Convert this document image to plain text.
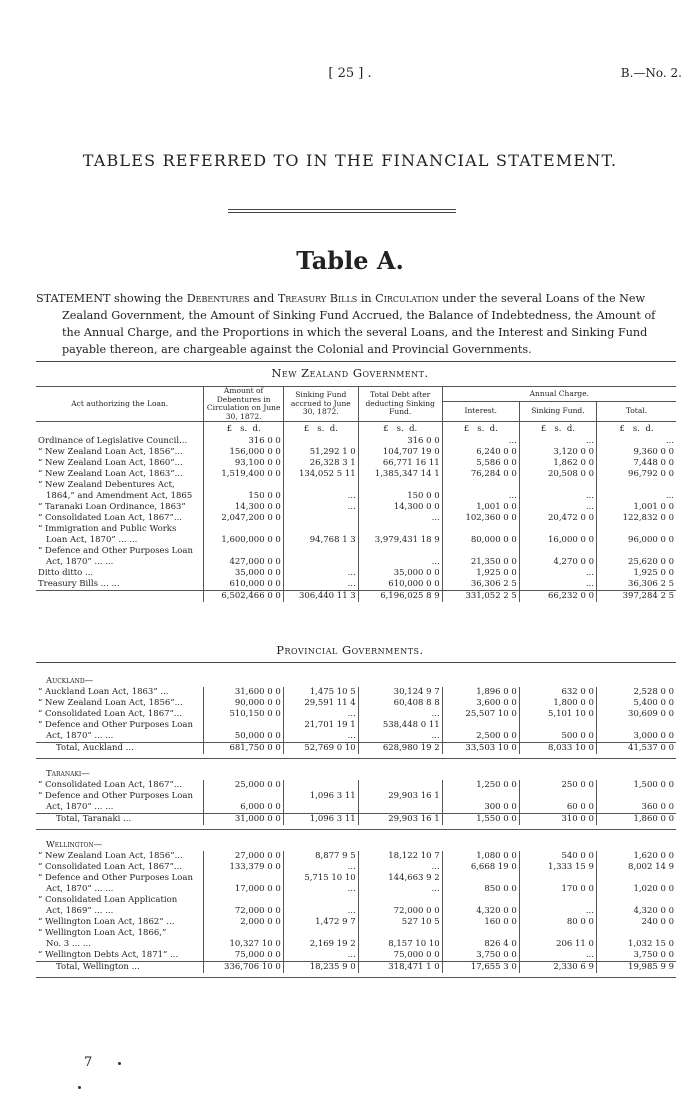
[ 25 ] .	B.—No. 2.
TABLES REFERRED TO IN THE FINANCIAL STATEMENT.
Table A.

STATEMENT showing the Debentures and Treasury Bills in Circulation under the several Loans of the New Zealand Government, the Amount of Sinking Fund Accrued, the Balance of Indebtedness, the Amount of the Annual Charge, and the Proportions in which the several Loans, and the Interest and Sinking Fund payable thereon, are chargeable against the Colonial and Provincial Governments.

New Zealand Government.
Act authorizing the Loan.	Amount of Debentures in Circulation on June 30, 1872.	Sinking Fund accrued to June 30, 1872.	Total Debt after deducting Sinking Fund.	Annual Charge.		
				Interest.	Sinking Fund.	Total.
	£   s.  d.	£   s.  d.	£   s.  d.	£   s.  d.	£   s.  d.	£   s.  d.
Ordinance of Legislative Council...	316 0 0		316 0 0	...	...	...
“ New Zealand Loan Act, 1856”...	156,000 0 0	51,292 1 0	104,707 19 0	6,240 0 0	3,120 0 0	9,360 0 0
“ New Zealand Loan Act, 1860”...	93,100 0 0	26,328 3 1	66,771 16 11	5,586 0 0	1,862 0 0	7,448 0 0
“ New Zealand Loan Act, 1863”...	1,519,400 0 0	134,052 5 11	1,385,347 14 1	76,284 0 0	20,508 0 0	96,792 0 0
“ New Zealand Debentures Act,						
1864,” and Amendment Act, 1865	150 0 0	...	150 0 0	...	...	...
“ Taranaki Loan Ordinance, 1863”	14,300 0 0	...	14,300 0 0	1,001 0 0	...	1,001 0 0
“ Consolidated Loan Act, 1867”...	2,047,200 0 0		...	102,360 0 0	20,472 0 0	122,832 0 0
“ Immigration and Public Works						
Loan Act, 1870” ... ...	1,600,000 0 0	94,768 1 3	3,979,431 18 9	80,000 0 0	16,000 0 0	96,000 0 0
“ Defence and Other Purposes Loan						
Act, 1870” ... ...	427,000 0 0		...	21,350 0 0	4,270 0 0	25,620 0 0
Ditto ditto ...	35,000 0 0	...	35,000 0 0	1,925 0 0	...	1,925 0 0
Treasury Bills ... ...	610,000 0 0	...	610,000 0 0	36,306 2 5	...	36,306 2 5
	6,502,466 0 0	306,440 11 3	6,196,025 8 9	331,052 2 5	66,232 0 0	397,284 2 5
Provincial Governments.
Auckland—						
“ Auckland Loan Act, 1863” ...	31,600 0 0	1,475 10 5	30,124 9 7	1,896 0 0	632 0 0	2,528 0 0
“ New Zealand Loan Act, 1856”...	90,000 0 0	29,591 11 4	60,408 8 8	3,600 0 0	1,800 0 0	5,400 0 0
“ Consolidated Loan Act, 1867”...	510,150 0 0	...	...	25,507 10 0	5,101 10 0	30,609 0 0
“ Defence and Other Purposes Loan		21,701 19 1	538,448 0 11			
Act, 1870” ... ...	50,000 0 0	...	...	2,500 0 0	500 0 0	3,000 0 0
Total, Auckland ...	681,750 0 0	52,769 0 10	628,980 19 2	33,503 10 0	8,033 10 0	41,537 0 0

Taranaki—						
“ Consolidated Loan Act, 1867”...	25,000 0 0			1,250 0 0	250 0 0	1,500 0 0
“ Defence and Other Purposes Loan		1,096 3 11	29,903 16 1			
Act, 1870” ... ...	6,000 0 0			300 0 0	60 0 0	360 0 0
Total, Taranaki ...	31,000 0 0	1,096 3 11	29,903 16 1	1,550 0 0	310 0 0	1,860 0 0

Wellington—						
“ New Zealand Loan Act, 1856”...	27,000 0 0	8,877 9 5	18,122 10 7	1,080 0 0	540 0 0	1,620 0 0
“ Consolidated Loan Act, 1867”...	133,379 0 0	...	...	6,668 19 0	1,333 15 9	8,002 14 9
“ Defence and Other Purposes Loan		5,715 10 10	144,663 9 2			
Act, 1870” ... ...	17,000 0 0	...	...	850 0 0	170 0 0	1,020 0 0
“ Consolidated Loan Application						
Act, 1869” ... ...	72,000 0 0	...	72,000 0 0	4,320 0 0	...	4,320 0 0
“ Wellington Loan Act, 1862” ...	2,000 0 0	1,472 9 7	527 10 5	160 0 0	80 0 0	240 0 0
“ Wellington Loan Act, 1866,”						
No. 3 ... ...	10,327 10 0	2,169 19 2	8,157 10 10	826 4 0	206 11 0	1,032 15 0
“ Wellington Debts Act, 1871” ...	75,000 0 0	...	75,000 0 0	3,750 0 0	...	3,750 0 0
Total, Wellington ...	336,706 10 0	18,235 9 0	318,471 1 0	17,655 3 0	2,330 6 9	19,985 9 9

7
